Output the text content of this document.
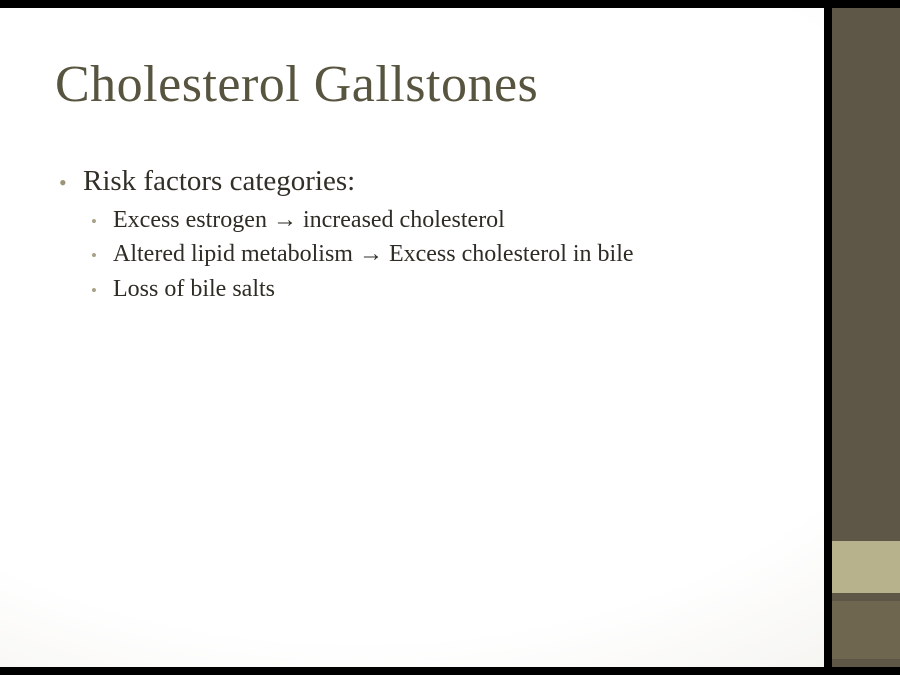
Cholesterol Gallstones
• Risk factors categories:
• Excess estrogen → increased cholesterol
• Altered lipid metabolism → Excess cholesterol in bile
• Loss of bile salts
